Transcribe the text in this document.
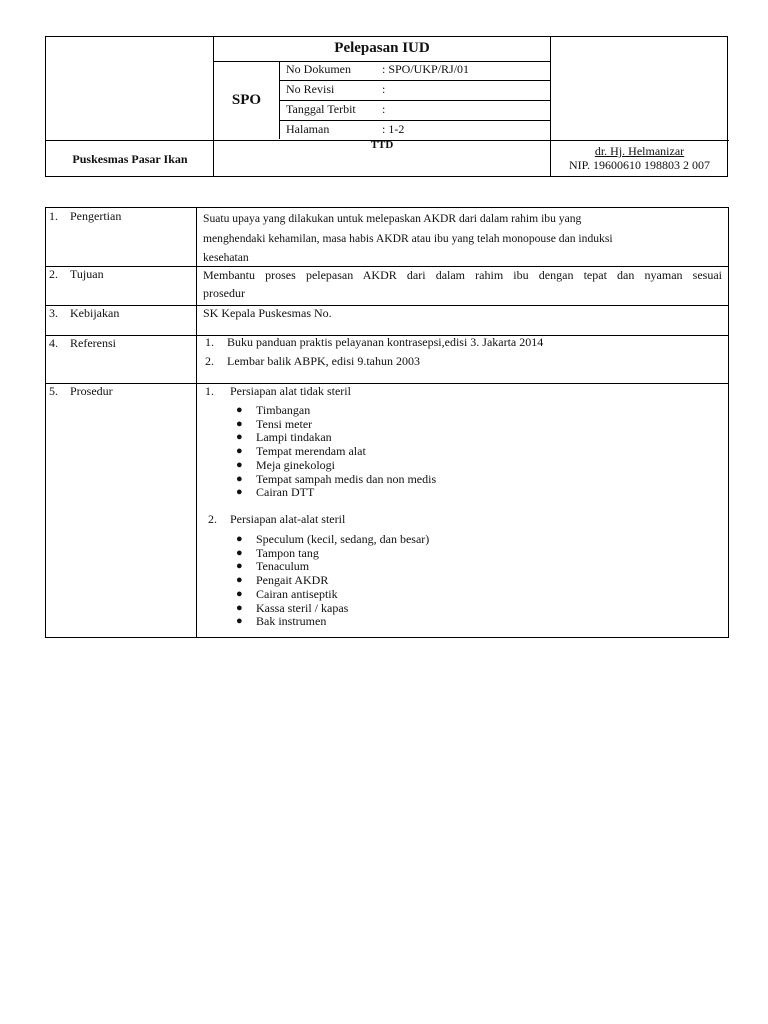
Pelepasan IUD
SPO
No Dokumen	: SPO/UKP/RJ/01
No Revisi	:
Tanggal Terbit :
Halaman	: 1-2
Puskesmas Pasar Ikan
TTD	dr. Hj. Helmanizar
NIP. 19600610 198803 2 007
1. Pengertian	Suatu upaya yang dilakukan untuk melepaskan AKDR dari dalam rahim ibu yang
menghendaki kehamilan, masa habis AKDR atau ibu yang telah monopouse dan induksi
kesehatan
2. Tujuan	Membantu proses pelepasan AKDR dari dalam rahim ibu dengan tepat dan nyaman sesuai
prosedur
3. Kebijakan	SK Kepala Puskesmas No.
4. Referensi	1. Buku panduan praktis pelayanan kontrasepsi,edisi 3. Jakarta 2014
2. Lembar balik ABPK, edisi 9.tahun 2003
5. Prosedur	1. Persiapan alat tidak steril
● Timbangan
● Tensi meter
● Lampi tindakan
● Tempat merendam alat
● Meja ginekologi
● Tempat sampah medis dan non medis
● Cairan DTT
2. Persiapan alat-alat steril
● Speculum (kecil, sedang, dan besar)
● Tampon tang
● Tenaculum
● Pengait AKDR
● Cairan antiseptik
● Kassa steril / kapas
● Bak instrumen
